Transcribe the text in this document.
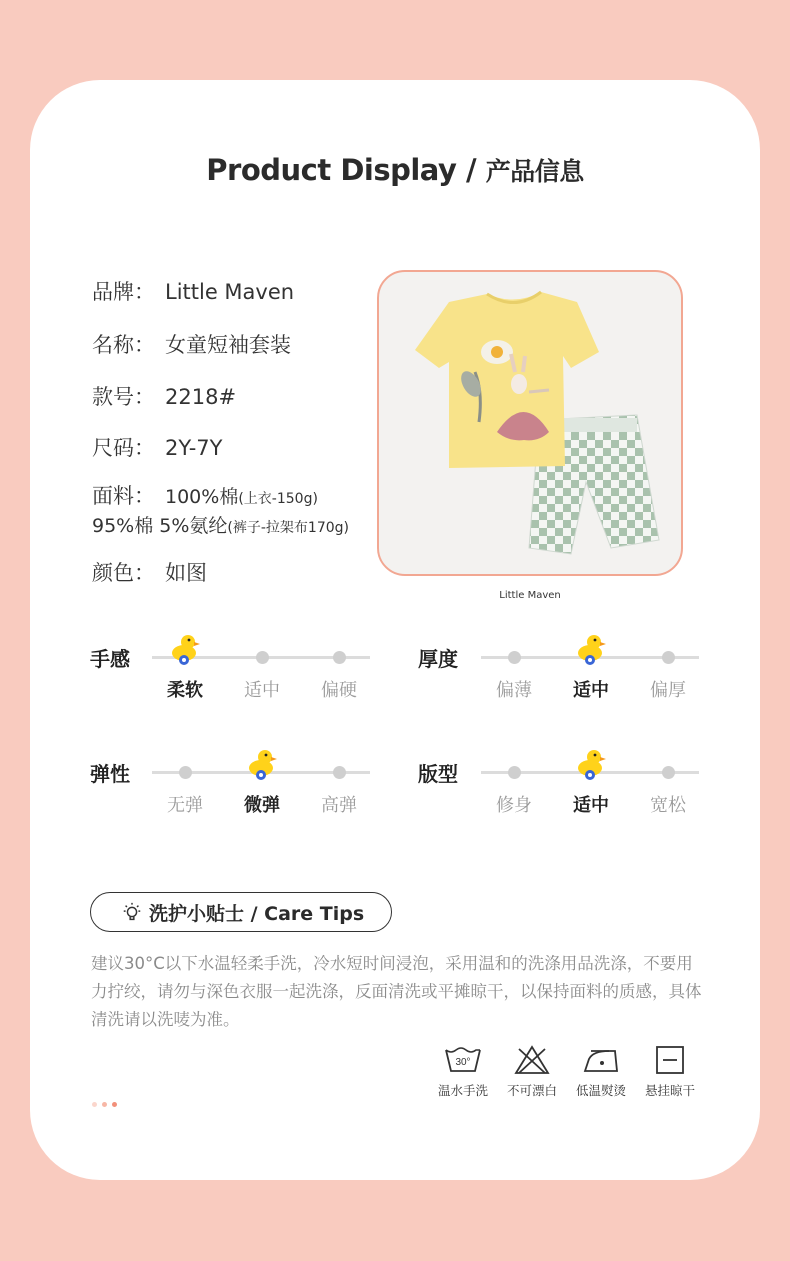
Product Display / 产品信息
品牌： Little Maven
名称： 女童短袖套装
款号： 2218#
尺码： 2Y-7Y
面料： 100%棉(上衣-150g)
95%棉 5%氨纶(裤子-拉架布170g)
颜色： 如图
Little Maven
手感
柔软	适中	偏硬
厚度
偏薄	适中	偏厚
弹性
无弹	微弹	高弹
版型
修身	适中	宽松
洗护小贴士 / Care Tips
建议30°C以下水温轻柔手洗，冷水短时间浸泡，采用温和的洗涤用品洗涤，不要用力拧绞，请勿与深色衣服一起洗涤，反面清洗或平摊晾干，以保持面料的质感，具体清洗请以洗唛为准。
30°
温水手洗	不可漂白	低温熨烫	悬挂晾干
